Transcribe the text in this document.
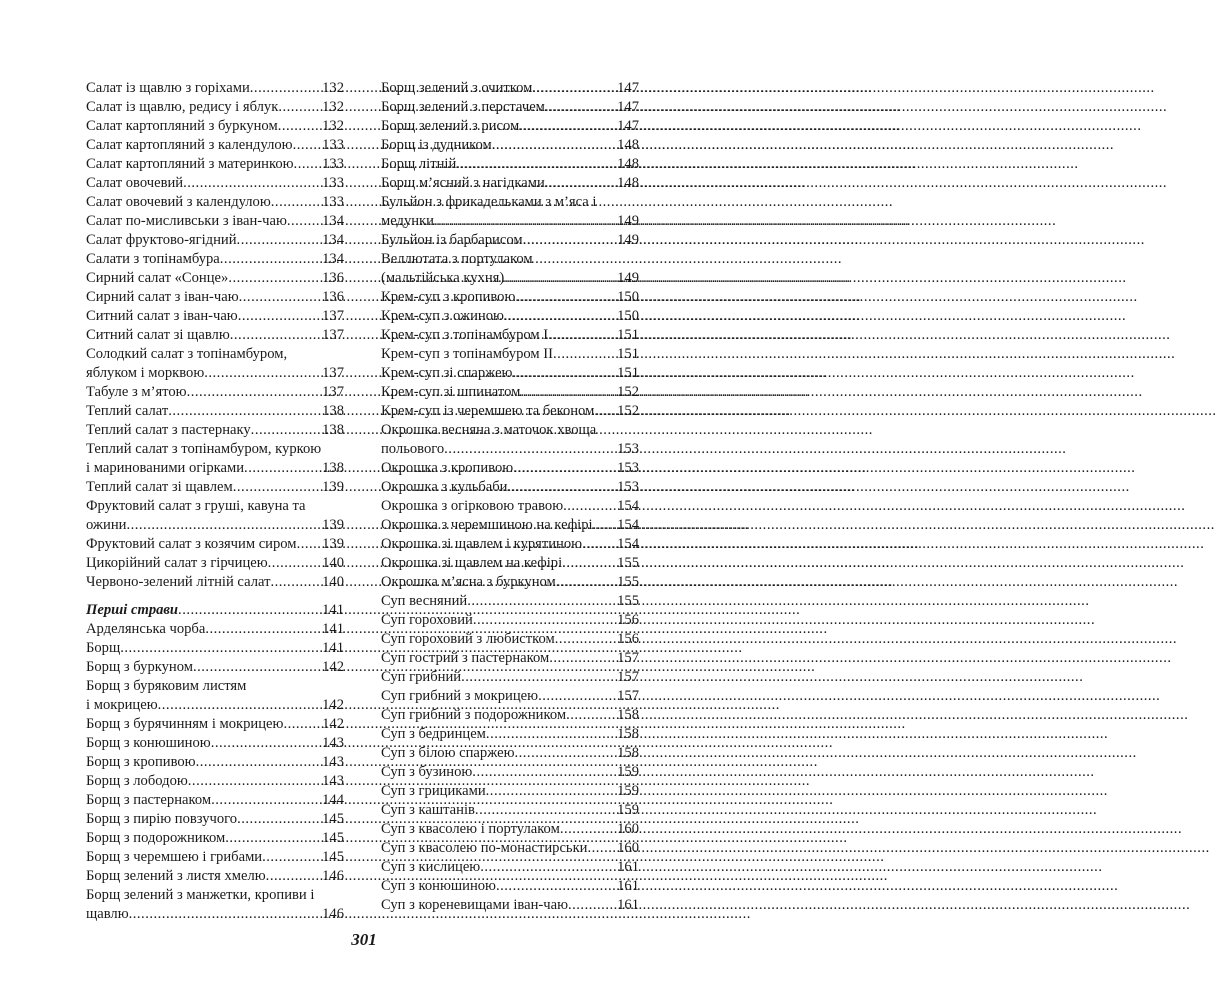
Салат із щавлю з горіхами .....	132
Салат із щавлю, редису і яблук .....	132
Салат картопляний з буркуном .....	132
Салат картопляний з календулою ..... 133
Салат картопляний з материнкою ..... 133
Салат овочевий .....	133
Салат овочевий з календулою .....	133
Салат по-мисливськи з іван-чаю ..... 134
Салат фруктово-ягідний .....	134
Салати з топінамбура .....	134
Сирний салат «Сонце» .....	136
Сирний салат з іван-чаю .....	136
Ситний салат з іван-чаю .....	137
Ситний салат зі щавлю .....	137
Солодкий салат з топінамбуром,
яблуком і морквою .....	137
Табуле з м’ятою .....	137
Теплий салат .....	138
Теплий салат з пастернаку .....	138
Теплий салат з топінамбуром, куркою
і маринованими огірками .....	138
Теплий салат зі щавлем .....	139
Фруктовий салат з груші, кавуна та
ожини .....	139
Фруктовий салат з козячим сиром ..... 139
Цикорійний салат з гірчицею .....	140
Червоно-зелений літній салат .....	140
Перші страви .....	141
Арделянська чорба .....	141
Борщ .....	141
Борщ з буркуном .....	142
Борщ з буряковим листям
і мокрицею .....	142
Борщ з бурячинням і мокрицею .....	142
Борщ з конюшиною .....	143
Борщ з кропивою .....	143
Борщ з лободою .....	143
Борщ з пастернаком .....	144
Борщ з пирію повзучого .....	145
Борщ з подорожником .....	145
Борщ з черемшею і грибами .....	145
Борщ зелений з листя хмелю .....	146
Борщ зелений з манжетки, кропиви і
щавлю .....	146
Борщ зелений з очитком .....	147
Борщ зелений з перстачем .....	147
Борщ зелений з рисом .....	147
Борщ із дудником .....	148
Борщ літній .....	148
Борщ м’ясний з нагідками .....	148
Бульйон з фрикадельками з м’яса і
медунки .....	149
Бульйон із барбарисом .....	149
Веллютата з портулаком
(мальтійська кухня) .....	149
Крем-суп з кропивою .....	150
Крем-суп з ожиною .....	150
Крем-суп з топінамбуром І .....	151
Крем-суп з топінамбуром ІІ .....	151
Крем-суп зі спаржею .....	151
Крем-суп зі шпинатом .....	152
Крем-суп із черемшею та беконом ..... 152
Окрошка весняна з маточок хвоща
польового .....	153
Окрошка з кропивою .....	153
Окрошка з кульбаби .....	153
Окрошка з огірковою травою .....	154
Окрошка з черемшиною на кефірі ..... 154
Окрошка зі щавлем і курятиною ..... 154
Окрошка зі щавлем на кефірі .....	155
Окрошка м’ясна з буркуном .....	155
Суп весняний .....	155
Суп гороховий .....	156
Суп гороховий з любистком .....	156
Суп гострий з пастернаком .....	157
Суп грибний .....	157
Суп грибний з мокрицею .....	157
Суп грибний з подорожником .....	158
Суп з бедринцем .....	158
Суп з білою спаржею .....	158
Суп з бузиною .....	159
Суп з грициками .....	159
Суп з каштанів .....	159
Суп з квасолею і портулаком .....	160
Суп з квасолею по-монастирськи ..... 160
Суп з кислицею .....	161
Суп з конюшиною .....	161
Суп з кореневищами іван-чаю .....	161
301
